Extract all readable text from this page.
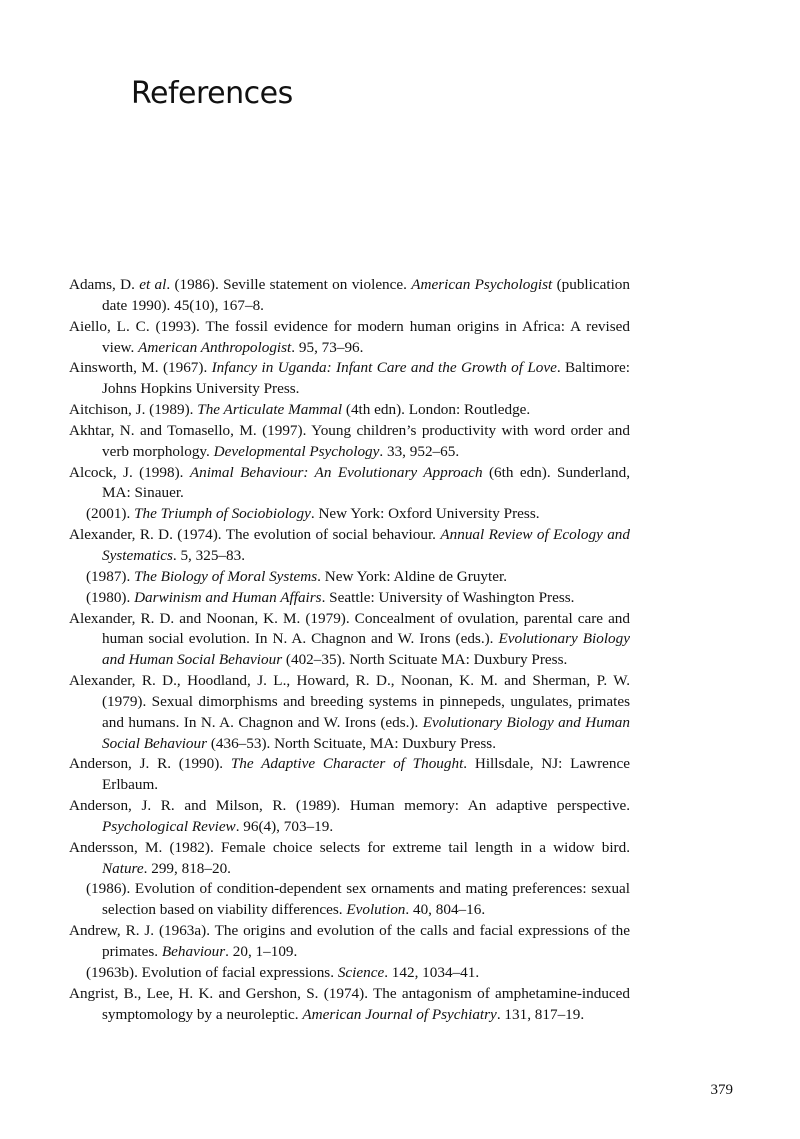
References
Adams, D. et al. (1986). Seville statement on violence. American Psychologist (publication date 1990). 45(10), 167–8.
Aiello, L. C. (1993). The fossil evidence for modern human origins in Africa: A revised view. American Anthropologist. 95, 73–96.
Ainsworth, M. (1967). Infancy in Uganda: Infant Care and the Growth of Love. Baltimore: Johns Hopkins University Press.
Aitchison, J. (1989). The Articulate Mammal (4th edn). London: Routledge.
Akhtar, N. and Tomasello, M. (1997). Young children’s productivity with word order and verb morphology. Developmental Psychology. 33, 952–65.
Alcock, J. (1998). Animal Behaviour: An Evolutionary Approach (6th edn). Sunderland, MA: Sinauer.
(2001). The Triumph of Sociobiology. New York: Oxford University Press.
Alexander, R. D. (1974). The evolution of social behaviour. Annual Review of Ecology and Systematics. 5, 325–83.
(1987). The Biology of Moral Systems. New York: Aldine de Gruyter.
(1980). Darwinism and Human Affairs. Seattle: University of Washington Press.
Alexander, R. D. and Noonan, K. M. (1979). Concealment of ovulation, parental care and human social evolution. In N. A. Chagnon and W. Irons (eds.). Evolutionary Biology and Human Social Behaviour (402–35). North Scituate MA: Duxbury Press.
Alexander, R. D., Hoodland, J. L., Howard, R. D., Noonan, K. M. and Sherman, P. W. (1979). Sexual dimorphisms and breeding systems in pinnepeds, ungulates, primates and humans. In N. A. Chagnon and W. Irons (eds.). Evolutionary Biology and Human Social Behaviour (436–53). North Scituate, MA: Duxbury Press.
Anderson, J. R. (1990). The Adaptive Character of Thought. Hillsdale, NJ: Lawrence Erlbaum.
Anderson, J. R. and Milson, R. (1989). Human memory: An adaptive perspective. Psychological Review. 96(4), 703–19.
Andersson, M. (1982). Female choice selects for extreme tail length in a widow bird. Nature. 299, 818–20.
(1986). Evolution of condition-dependent sex ornaments and mating preferences: sexual selection based on viability differences. Evolution. 40, 804–16.
Andrew, R. J. (1963a). The origins and evolution of the calls and facial expressions of the primates. Behaviour. 20, 1–109.
(1963b). Evolution of facial expressions. Science. 142, 1034–41.
Angrist, B., Lee, H. K. and Gershon, S. (1974). The antagonism of amphetamine-induced symptomology by a neuroleptic. American Journal of Psychiatry. 131, 817–19.
379
